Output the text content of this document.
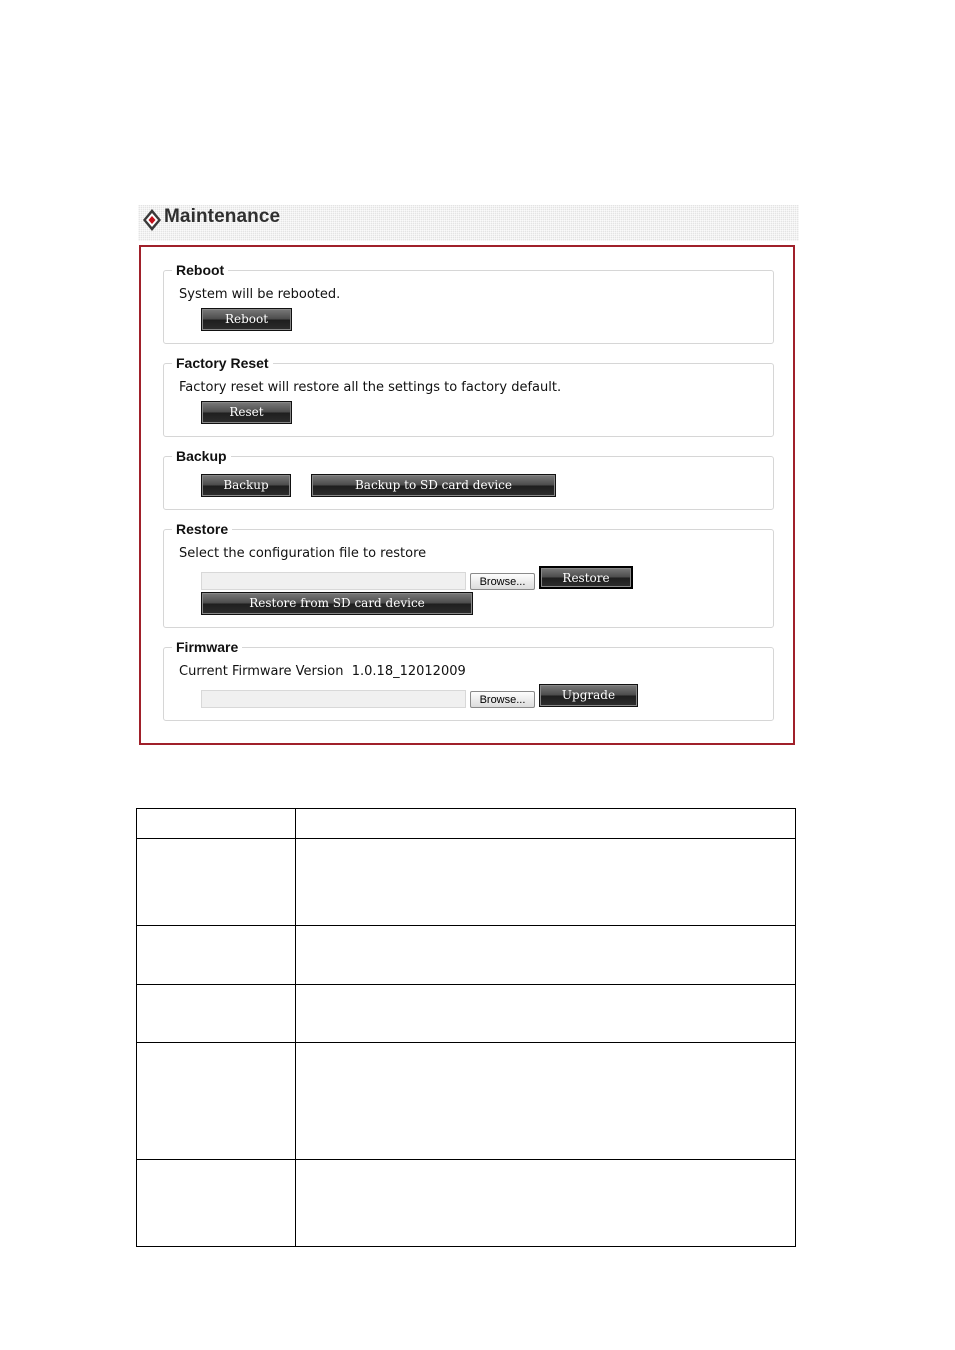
Maintenance
Reboot
System will be rebooted.
Reboot
Factory Reset
Factory reset will restore all the settings to factory default.
Reset
Backup
Backup	Backup to SD card device
Restore
Select the configuration file to restore
Browse...	Restore
Restore from SD card device
Firmware
Current Firmware Version 1.0.18_12012009
Browse...	Upgrade
